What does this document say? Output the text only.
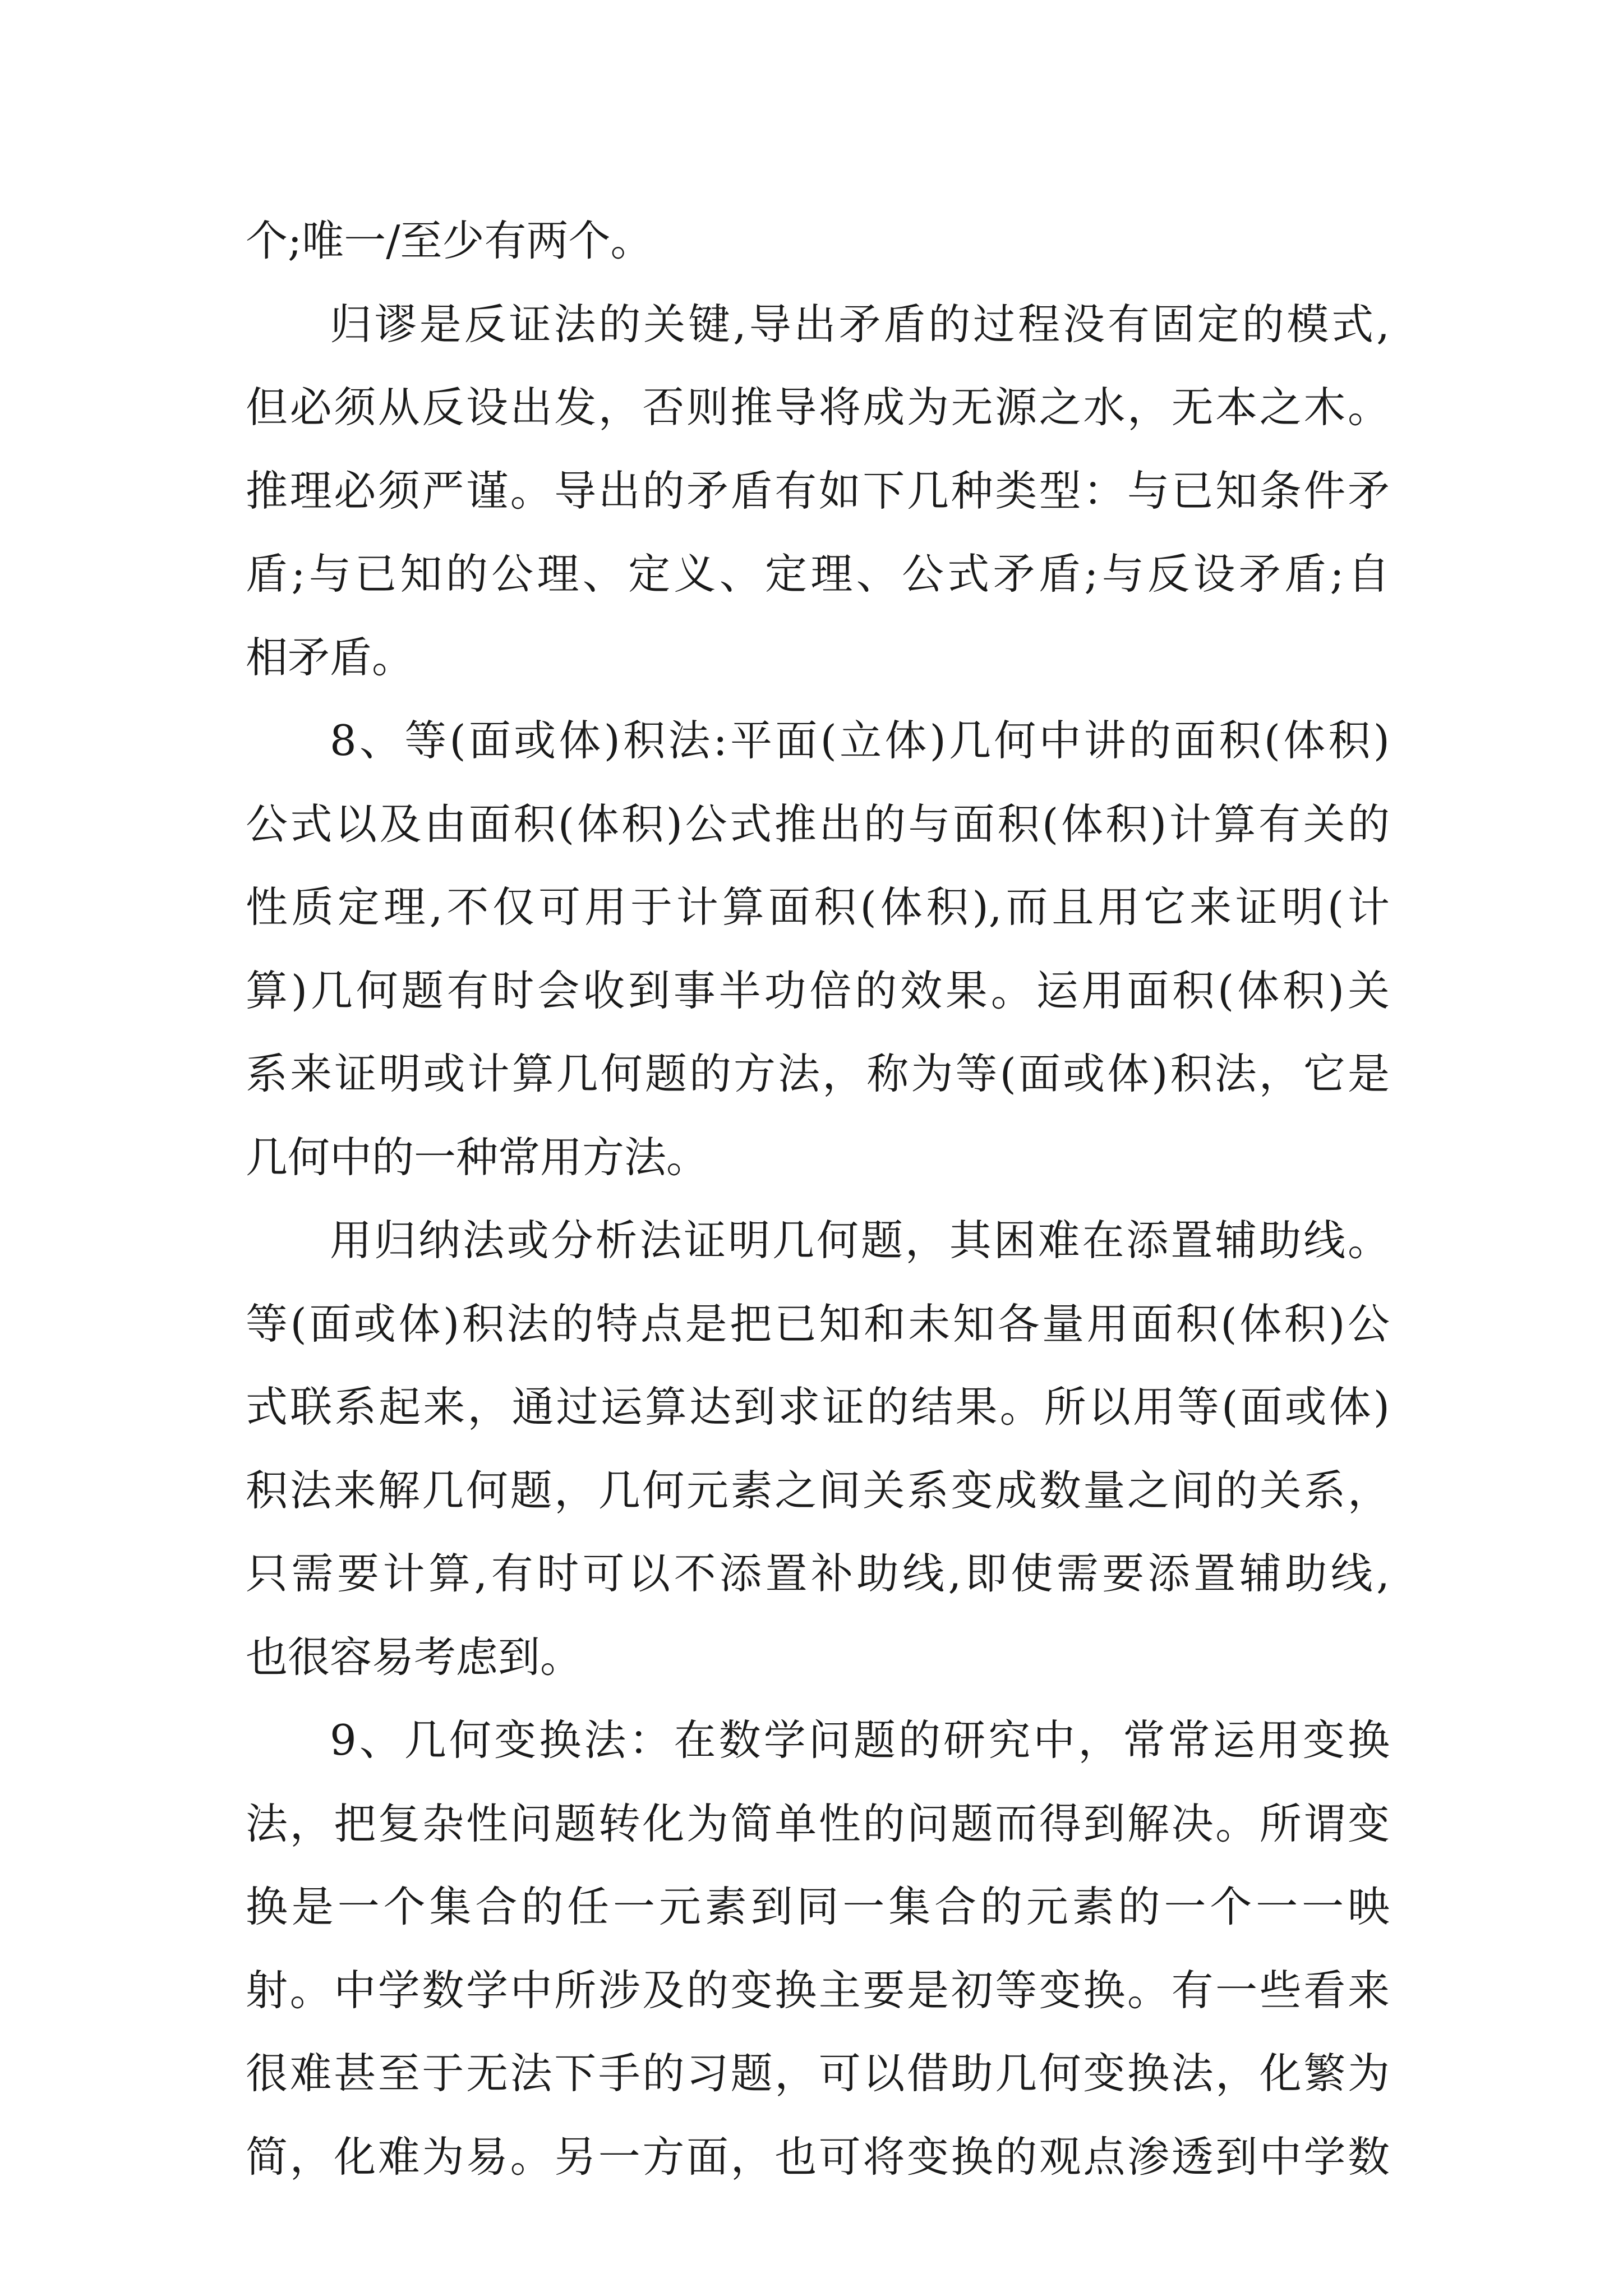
个;唯一/至少有两个。
归谬是反证法的关键,导出矛盾的过程没有固定的模式,
但必须从反设出发，否则推导将成为无源之水，无本之木。
推理必须严谨。导出的矛盾有如下几种类型：与已知条件矛
盾;与已知的公理、定义、定理、公式矛盾;与反设矛盾;自
相矛盾。
8、等(面或体)积法:平面(立体)几何中讲的面积(体积)
公式以及由面积(体积)公式推出的与面积(体积)计算有关的
性质定理,不仅可用于计算面积(体积),而且用它来证明(计
算)几何题有时会收到事半功倍的效果。运用面积(体积)关
系来证明或计算几何题的方法，称为等(面或体)积法，它是
几何中的一种常用方法。
用归纳法或分析法证明几何题，其困难在添置辅助线。
等(面或体)积法的特点是把已知和未知各量用面积(体积)公
式联系起来，通过运算达到求证的结果。所以用等(面或体)
积法来解几何题，几何元素之间关系变成数量之间的关系，
只需要计算,有时可以不添置补助线,即使需要添置辅助线,
也很容易考虑到。
9、几何变换法：在数学问题的研究中，常常运用变换
法，把复杂性问题转化为简单性的问题而得到解决。所谓变
换是一个集合的任一元素到同一集合的元素的一个一一映
射。中学数学中所涉及的变换主要是初等变换。有一些看来
很难甚至于无法下手的习题，可以借助几何变换法，化繁为
简，化难为易。另一方面，也可将变换的观点渗透到中学数
